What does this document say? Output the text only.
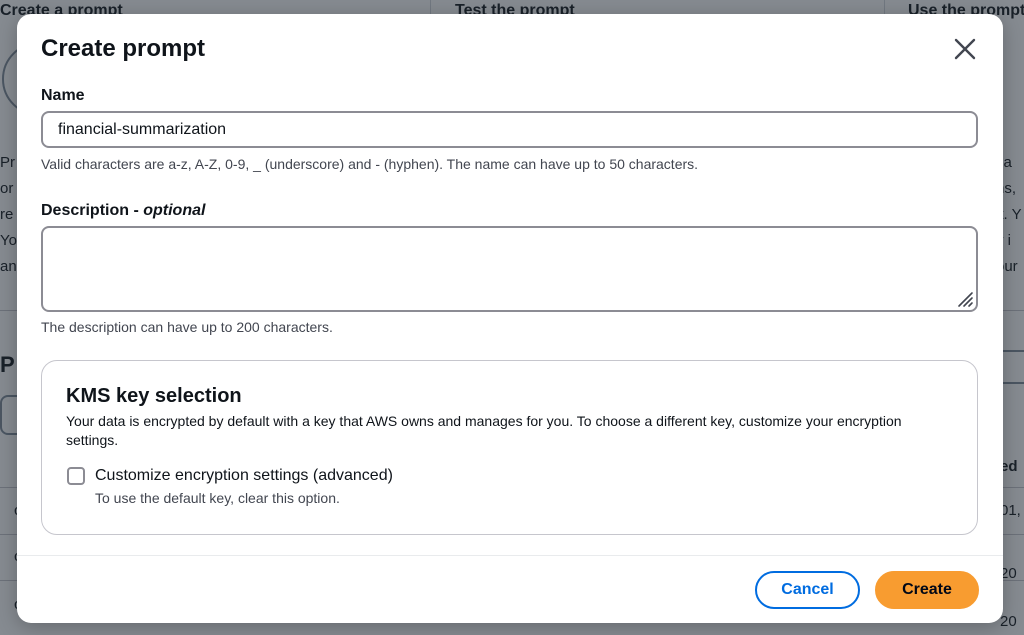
Create prompt
Name
financial-summarization
Valid characters are a-z, A-Z, 0-9, _ (underscore) and - (hyphen). The name can have up to 50 characters.
Description - optional
The description can have up to 200 characters.
KMS key selection
Your data is encrypted by default with a key that AWS owns and manages for you. To choose a different key, customize your encryption settings.
Customize encryption settings (advanced)
To use the default key, clear this option.
Cancel	Create
